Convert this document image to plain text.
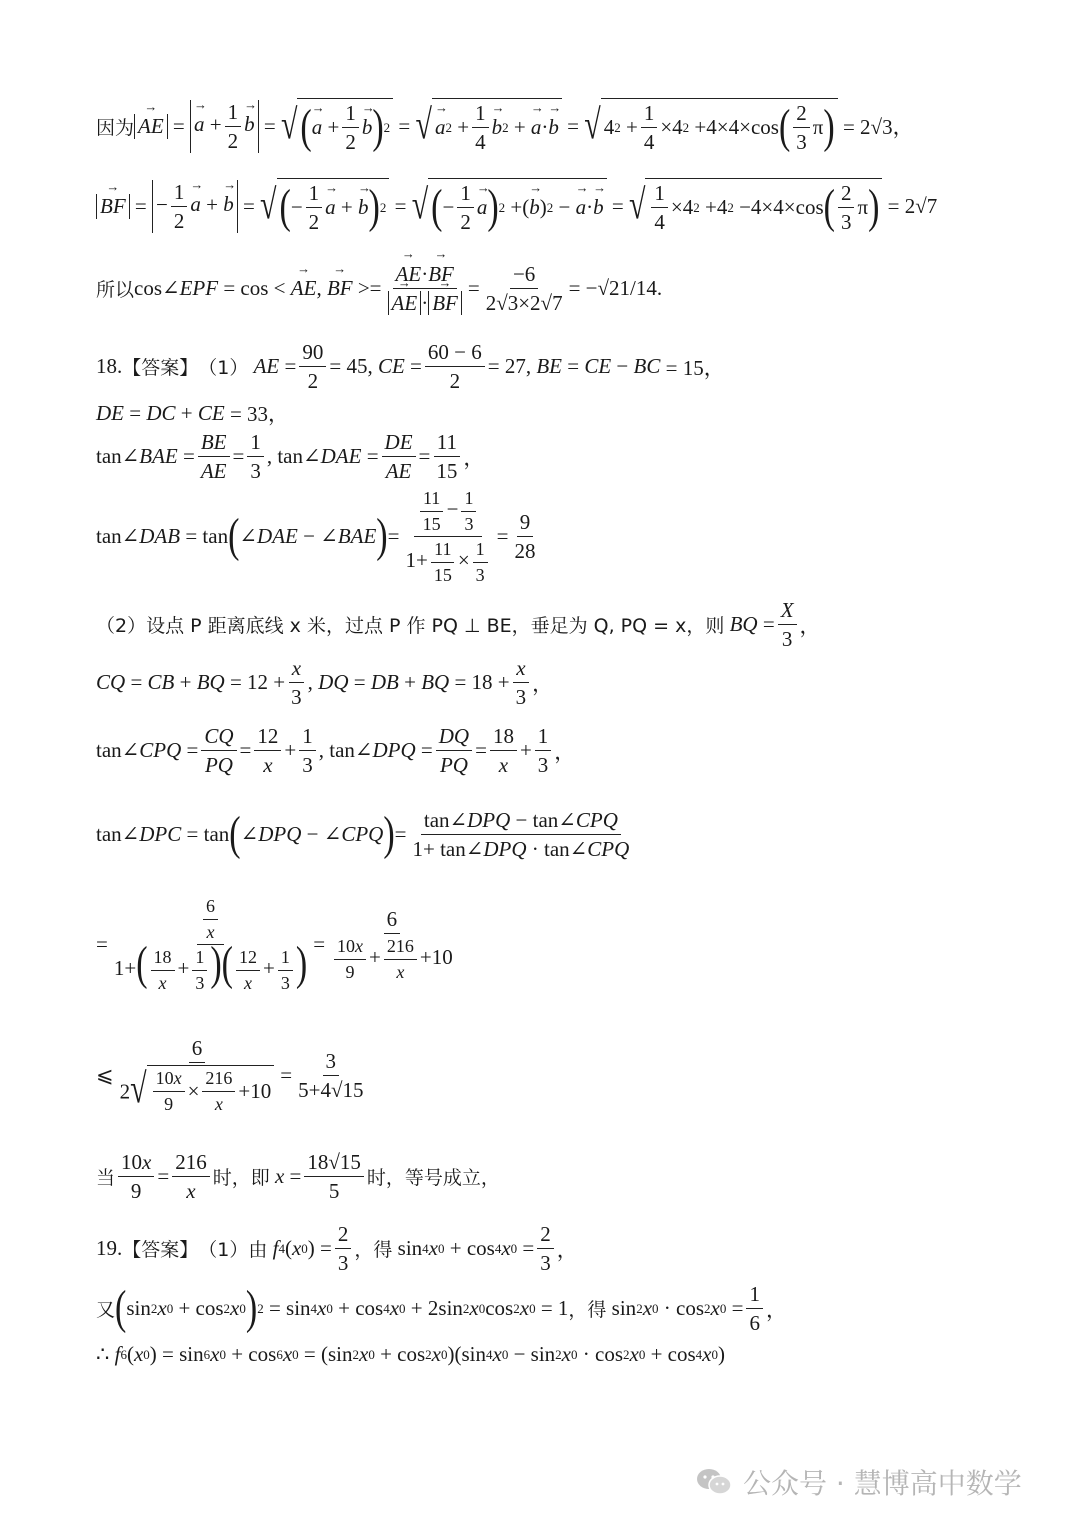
因为
→ AE =
→ $a + \frac{1}{2}$
→ b = √ (
→ $a + \frac{1}{2}$
→ b ) 2 = √
→ a $2 + \frac{1}{4}$
→ b 2 +
→ a ·
→ b = √ 4 $2 + \frac{1}{4} \times 4$ 2 +4×4×cos ( $\frac{2}{3}$ π )
= 2√3，
→ BF = − $\frac{1}{2}$
→ a + → b = √ ( − $\frac{1}{2}$
→ a +
→ b ) 2 = √ ( − $\frac{1}{2}$
→ a ) 2 +(
→ b ) 2 −
→ a ·
→ b = √ $\frac{1}{4} \times 4$ 2 +4 2 −4×4×cos ( $\frac{2}{3}$ π )
= 2√7
所以 cos∠ EPF = cos <
→ AE ,
→ BF >=
→ AE·→ BF
→ AE ·→ BF = $\frac{-6}{2√3\times 2√7} = -√21/14$.
18. 【答案】 （1）
AE = $\frac{90}{2} = 45$, CE = $\frac{60 - 6}{2} = 27$, BE = CE − BC = 15，
DE = DC + CE = 33，
tan∠ BAE = $\frac{BE}{AE} = \frac{1}{3}$ , tan∠ DAE = $\frac{DE}{AE} = \frac{11}{15}$ ，
tan∠ DAB = tan ( ∠ DAE − ∠ BAE ) = $\frac{\frac{11}{15} - \frac{1}{3}}{1+ \frac{11}{15} \times \frac{1}{3}} = \frac{9}{28}$
（2）设点 P 距离底线 x 米，过点 P 作 PQ ⊥ BE，垂足为 Q, PQ = x，则
BQ = $\frac{X}{3}$ ，
CQ = CB + BQ = $12 + \frac{x}{3}$ , DQ = DB + BQ = $18 + \frac{x}{3}$ ，
tan∠ CPQ = $\frac{CQ}{PQ} = \frac{12}{x} + \frac{1}{3}$ , tan∠ DPQ = $\frac{DQ}{PQ} = \frac{18}{x} + \frac{1}{3}$ ，
tan∠ DPC = tan ( ∠ DPQ − ∠ CPQ ) = $\frac{\text{tan∠DPQ − tan∠CPQ}}{\text{1+ tan∠DPQ · tan∠CPQ}}$
= $\frac{\frac{6}{x}}{1+( \frac{18}{x} + \frac{1}{3} )( \frac{12}{x} + \frac{1}{3} )} = \frac{6}{\frac{10x}{9} + \frac{216}{x} +10}$
⩽ $\frac{6}{2 √ \frac{10x}{9} \times \frac{216}{x} +10} = \frac{3}{5+4√15}$
当 $\frac{10x}{9} = \frac{216}{x}$ 时，即
$x = \frac{18√15}{5}$ 时，等号成立，
19. 【答案】 （1）由
f 4 ( x 0 ) = $\frac{2}{3}$ ，得 sin 4 x 0 + cos 4 x $0 = \frac{2}{3}$ ，
又 ( sin 2 x 0 + cos 2 x 0 ) 2 = sin 4 x 0 + cos 4 x 0 + 2sin 2 x 0 cos 2 x 0 = 1 ，得 sin 2 x 0 · cos 2 x $0 = \frac{1}{6}$ ，
∴
f 6 ( x 0 ) = sin 6 x 0 + cos 6 x 0 = (sin 2 x 0 + cos 2 x 0 )(sin 4 x 0 − sin 2 x 0 · cos 2 x 0 + cos 4 x 0 )
公众号 · 慧博高中数学
